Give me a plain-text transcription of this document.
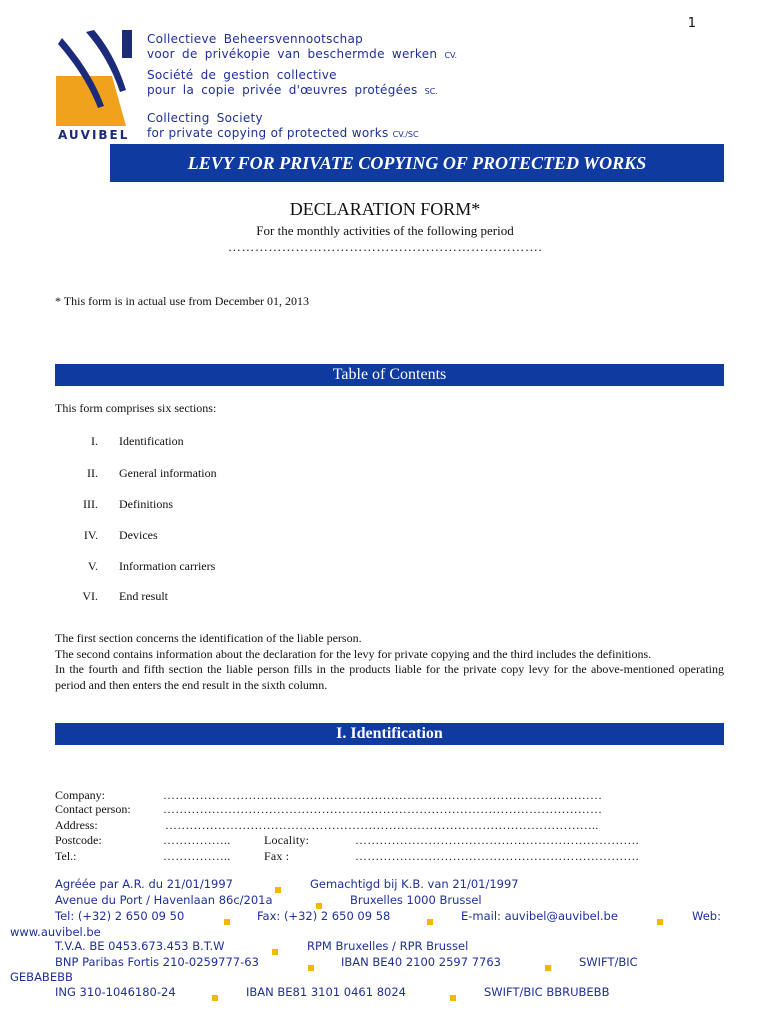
1
AUVIBEL
Collectieve Beheersvennootschap
voor de privékopie van beschermde werken CV.
Société de gestion collective
pour la copie privée d'œuvres protégées SC.
Collecting Society
for private copying of protected works CV./SC
LEVY FOR PRIVATE COPYING OF PROTECTED WORKS
DECLARATION FORM*
For the monthly activities of the following period
…………………………………………………………….
* This form is in actual use from December 01, 2013
Table of Contents
This form comprises six sections:
I. Identification
II. General information
III. Definitions
IV. Devices
V. Information carriers
VI. End result

The first section concerns the identification of the liable person.

The second contains information about the declaration for the levy for private copying and the third includes the definitions.

In the fourth and fifth section the liable person fills in the products liable for the private copy levy for the above-mentioned operating period and then enters the end result in the sixth column.

I. Identification
Company:	………………………………………………………………………………………………
Contact person:	………………………………………………………………………………………………
Address:	……………………………………………………………………………………………..
Postcode:	……………..	Locality:	…………………………………………………………….
Tel.:	……………..	Fax :	…………………………………………………………….
Agréée par A.R. du 21/01/1997	Gemachtigd bij K.B. van 21/01/1997
Avenue du Port / Havenlaan 86c/201a	Bruxelles 1000 Brussel
Tel: (+32) 2 650 09 50	Fax: (+32) 2 650 09 58	E-mail: auvibel@auvibel.be	Web:
www.auvibel.be
T.V.A. BE 0453.673.453 B.T.W	RPM Bruxelles / RPR Brussel
BNP Paribas Fortis 210-0259777-63	IBAN BE40 2100 2597 7763	SWIFT/BIC
GEBABEBB
ING 310-1046180-24	IBAN BE81 3101 0461 8024	SWIFT/BIC BBRUBEBB
